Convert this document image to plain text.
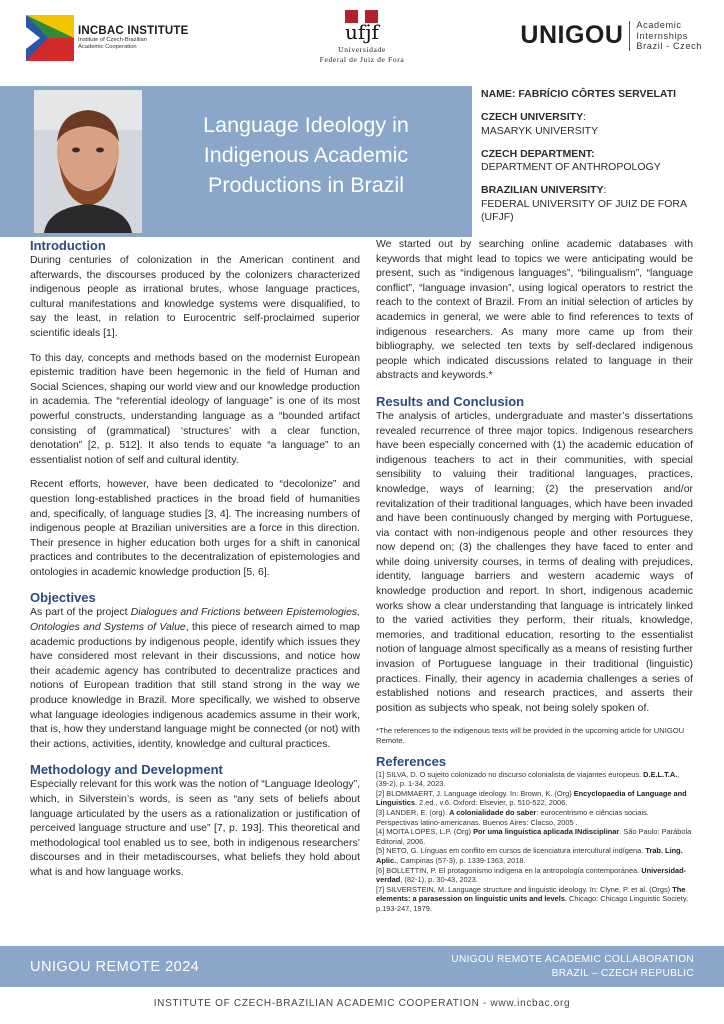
INCBAC INSTITUTE
Institute of Czech-Brazilian
Academic Cooperation
ufjf
Universidade
Federal de Juiz de Fora
UNIGOU Academic
Internships
Brazil - Czech
Language Ideology in Indigenous Academic Productions in Brazil
NAME: FABRÍCIO CÔRTES SERVELATI
CZECH UNIVERSITY:
MASARYK UNIVERSITY
CZECH DEPARTMENT:
DEPARTMENT OF ANTHROPOLOGY
BRAZILIAN UNIVERSITY:
FEDERAL UNIVERSITY OF JUIZ DE FORA (UFJF)
Introduction
During centuries of colonization in the American continent and afterwards, the discourses produced by the colonizers characterized indigenous people as irrational brutes, whose language practices, cultural manifestations and knowledge systems were disqualified, to say the least, in relation to Eurocentric self-proclaimed superior scientific ideals [1].
To this day, concepts and methods based on the modernist European epistemic tradition have been hegemonic in the field of Human and Social Sciences, shaping our world view and our knowledge production in academia. The “referential ideology of language” is one of its most powerful constructs, understanding language as a “bounded artifact consisting of (grammatical) ‘structures’ with a clear function, denotation” [2, p. 512]. It also tends to equate “a language” to an essentialist notion of self and cultural identity.
Recent efforts, however, have been dedicated to “decolonize” and question long-established practices in the broad field of humanities and, specifically, of language studies [3, 4]. The increasing numbers of indigenous people at Brazilian universities are a force in this direction. Their presence in higher education both urges for a shift in canonical practices and contributes to the decentralization of epistemologies and ontologies in academic knowledge production [5, 6].
Objectives
As part of the project Dialogues and Frictions between Epistemologies, Ontologies and Systems of Value, this piece of research aimed to map academic productions by indigenous people, identify which issues they have considered most relevant in their discussions, and notice how their academic agency has contributed to decentralize practices and notions of European tradition that still stand strong in the way we produce knowledge in Brazil. More specifically, we wished to observe what language ideologies indigenous academics assume in their work, that is, how they understand language might be connected (or not) with their actions, activities, identity, knowledge and cultural practices.
Methodology and Development
Especially relevant for this work was the notion of “Language Ideology”, which, in Silverstein’s words, is seen as “any sets of beliefs about language articulated by the users as a rationalization or justification of perceived language structure and use” [7, p. 193]. This theoretical and methodological tool enabled us to see, both in indigenous researchers’ discourses and in their metadiscourses, what beliefs they hold about what is and how language works.
We started out by searching online academic databases with keywords that might lead to topics we were anticipating would be present, such as “indigenous languages”, “bilingualism”, “language conflict”, “language invasion”, using logical operators to restrict the reach to the context of Brazil. From an initial selection of articles by academics in general, we were able to find references to texts of indigenous researchers. As many more came up from their bibliography, we selected ten texts by self-declared indigenous people which indicated discussions related to language in their abstracts and keywords.*
Results and Conclusion
The analysis of articles, undergraduate and master’s dissertations revealed recurrence of three major topics. Indigenous researchers have been especially concerned with (1) the academic education of indigenous teachers to act in their communities, with special sensibility to valuing their traditional languages, practices, knowledge, ways of learning; (2) the preservation and/or revitalization of their traditional languages, which have been invaded and have been continuously changed by merging with Portuguese, via contact with non-indigenous people and other resources they now depend on; (3) the challenges they have faced to enter and while doing university courses, in terms of dealing with prejudices, identity, language barriers and western academic ways of knowledge production and report. In short, indigenous academic works show a clear understanding that language is intricately linked to the varied activities they perform, their rituals, knowledge, memories, and traditional education, resorting to the essentialist notion of language almost specifically as a means of resisting further invasion of Portuguese language in their traditional (linguistic) practices. Finally, their agency in academia challenges a series of established notions and research practices, and asserts their position as subjects who speak, not being solely spoken of.
*The references to the indigenous texts will be provided in the upcoming article for UNIGOU Remote.
References
[1] SILVA, D. O sujeito colonizado no discurso colonialista de viajantes europeus. D.E.L.T.A., (39-2), p. 1-34, 2023.
[2] BLOMMAERT, J. Language ideology. In: Brown, K. (Org) Encyclopaedia of Language and Linguistics. 2.ed., v.6. Oxford: Elsevier, p. 510-522, 2006.
[3] LANDER, E. (org). A colonialidade do saber: eurocentrismo e ciências sociais. Perspectivas latino-americanas. Buenos Aires: Clacso, 2005 .
[4] MOITA LOPES, L.P. (Org) Por uma linguística aplicada INdisciplinar. São Paulo: Parábola Editorial, 2006.
[5] NETO, G. Línguas em conflito em cursos de licenciatura intercultural indígena. Trab. Ling. Aplic., Campinas (57-3), p. 1339-1363, 2018.
[6] BOLLETTIN, P. El protagonismo indígena en la antropología contemporánea. Universidad-verdad, (82-1), p. 30-43, 2023.
[7] SILVERSTEIN, M. Language structure and linguistic ideology. In: Clyne, P. et al. (Orgs) The elements: a parasession on linguistic units and levels. Chicago: Chicago Linguistic Society, p.193-247, 1979.
UNIGOU REMOTE 2024	UNIGOU REMOTE ACADEMIC COLLABORATION
BRAZIL – CZECH REPUBLIC
INSTITUTE OF CZECH-BRAZILIAN ACADEMIC COOPERATION - www.incbac.org
